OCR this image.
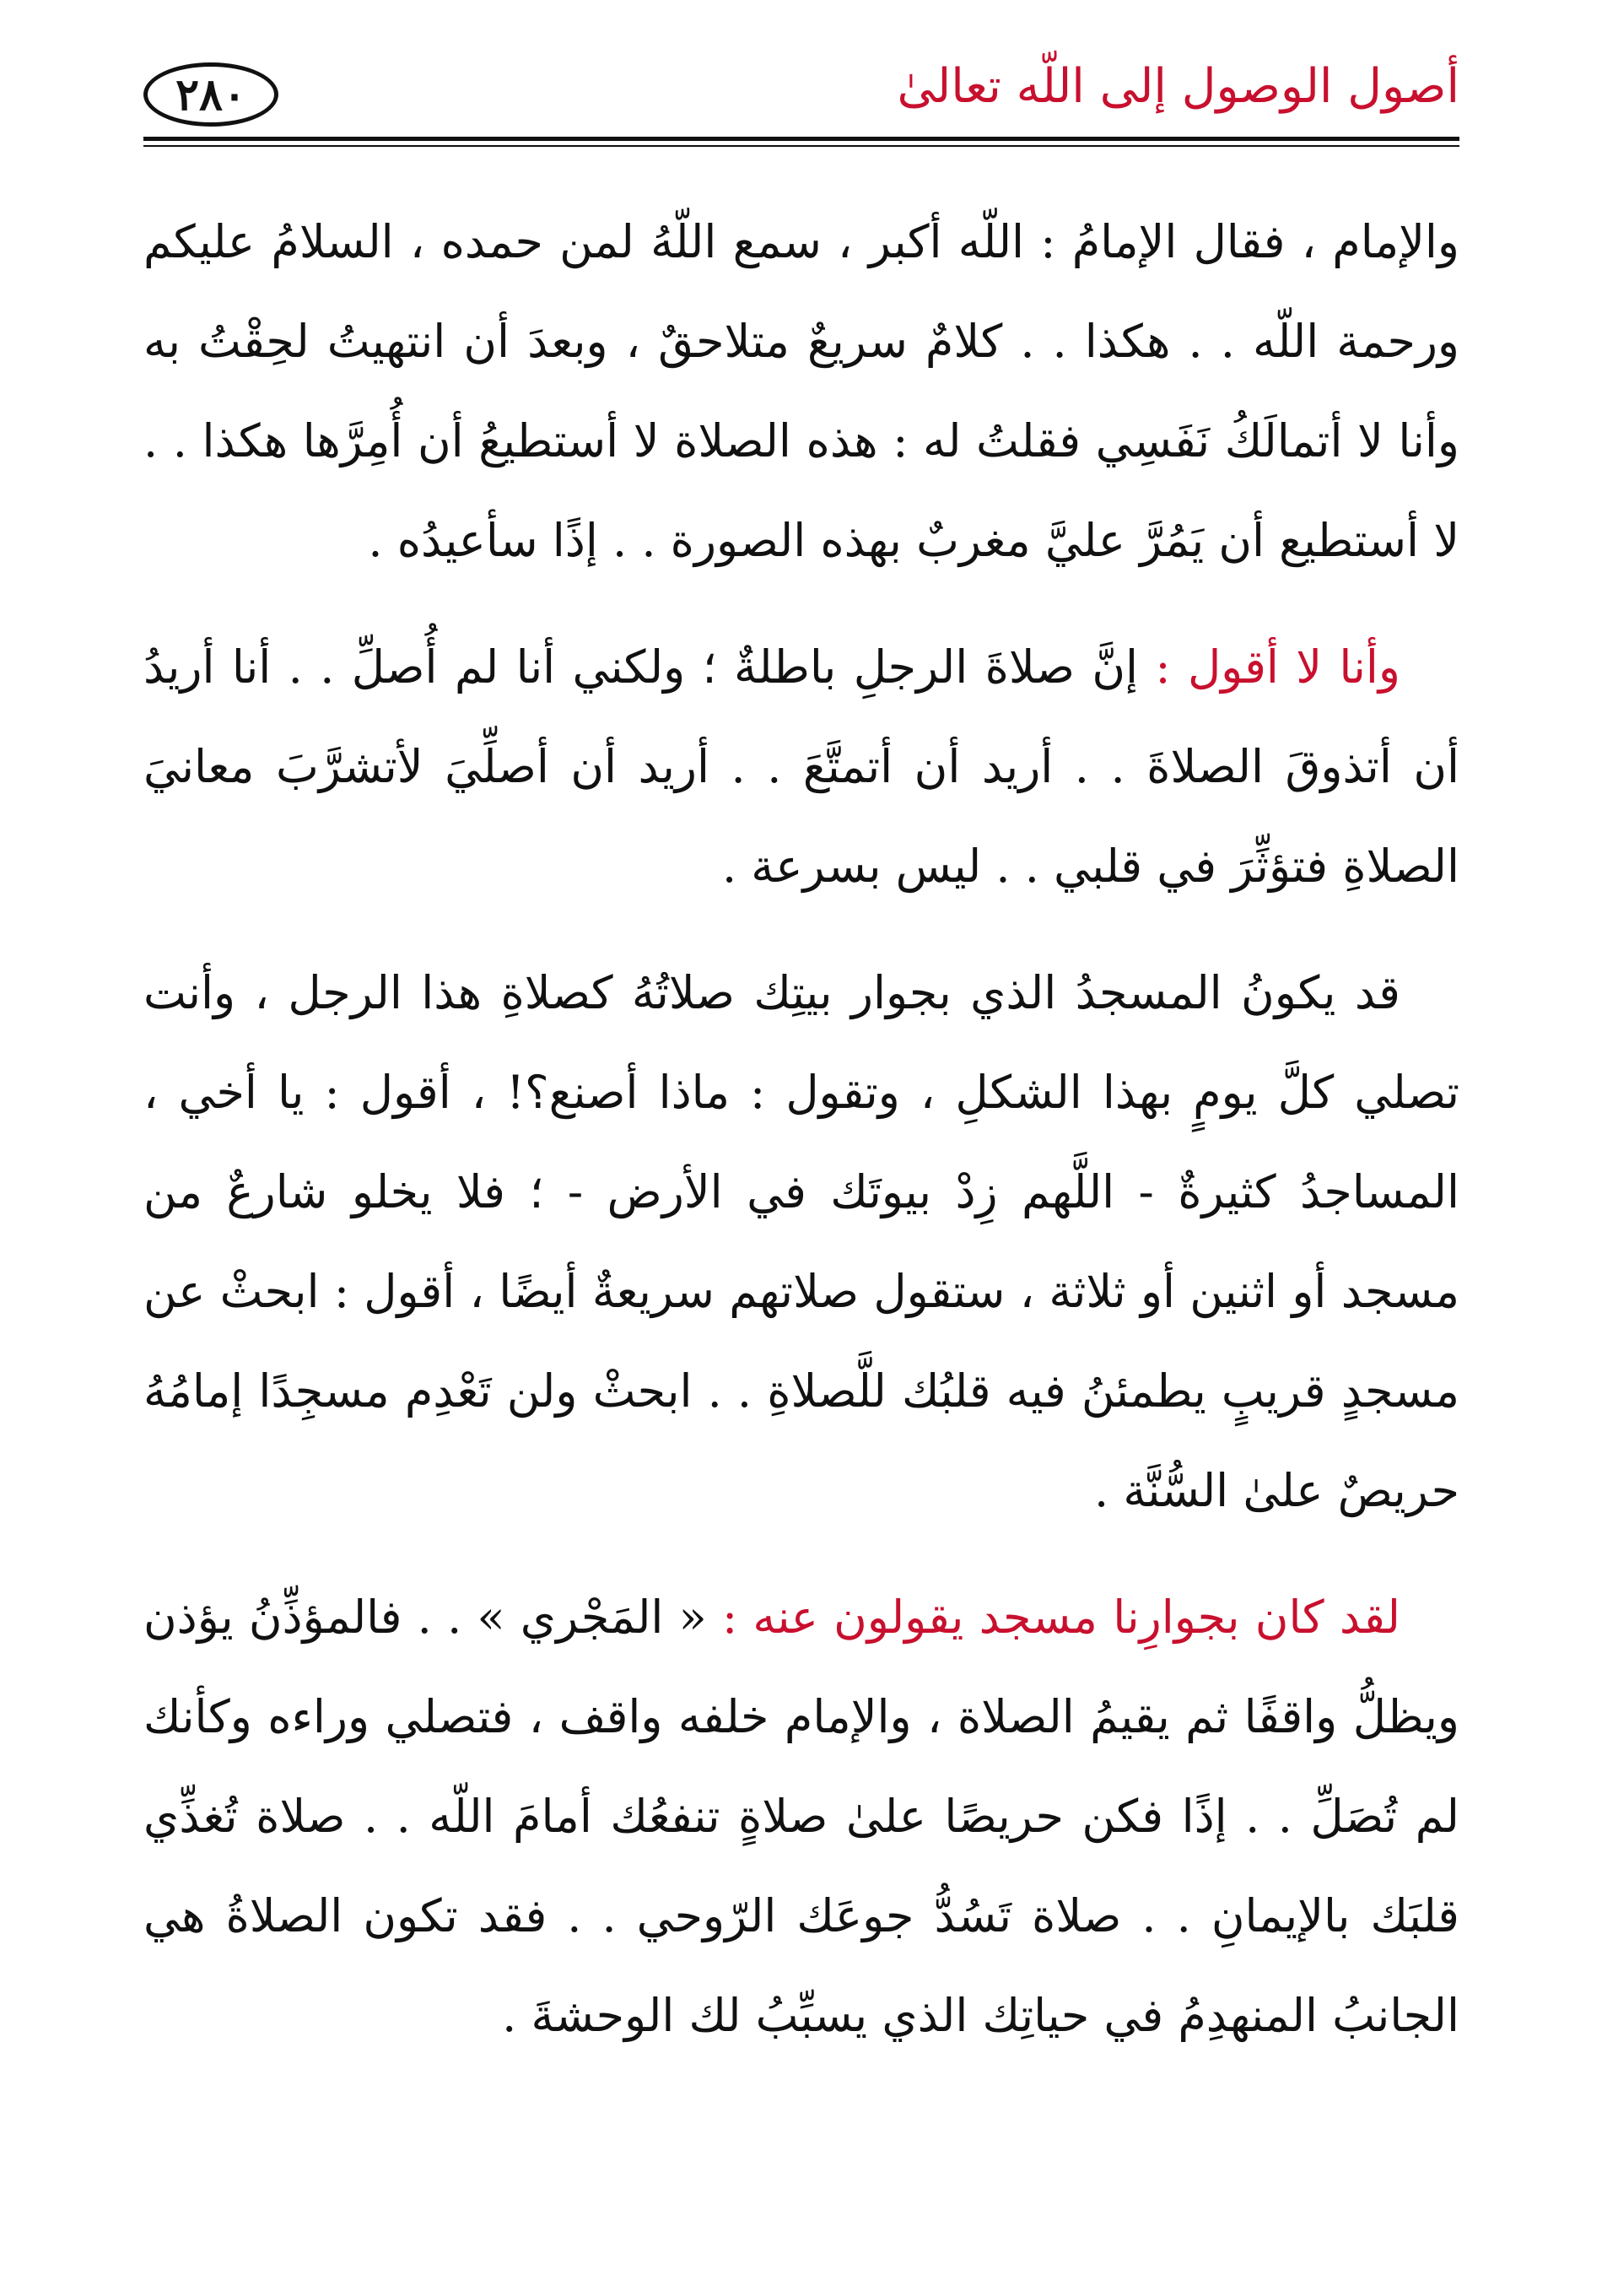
أصول الوصول إلى اللّه تعالىٰ
٢٨٠

والإمام ، فقال الإمامُ : اللّه أكبر ، سمع اللّهُ لمن حمده ، السلامُ عليكم ورحمة اللّه . . هكذا . . كلامٌ سريعٌ متلاحقٌ ، وبعدَ أن انتهيتُ لحِقْتُ به وأنا لا أتمالَكُ نَفَسِي فقلتُ له : هذه الصلاة لا أستطيعُ أن أُمِرَّها هكذا . . لا أستطيع أن يَمُرَّ عليَّ مغربٌ بهذه الصورة . . إذًا سأعيدُه .

وأنا لا أقول : إنَّ صلاةَ الرجلِ باطلةٌ ؛ ولكني أنا لم أُصلِّ . . أنا أريدُ أن أتذوقَ الصلاةَ . . أريد أن أتمتَّعَ . . أريد أن أصلِّيَ لأتشرَّبَ معانيَ الصلاةِ فتؤثِّرَ في قلبي . . ليس بسرعة .

قد يكونُ المسجدُ الذي بجوار بيتِك صلاتُهُ كصلاةِ هذا الرجل ، وأنت تصلي كلَّ يومٍ بهذا الشكلِ ، وتقول : ماذا أصنع؟! ، أقول : يا أخي ، المساجدُ كثيرةٌ - اللَّهم زِدْ بيوتَك في الأرض - ؛ فلا يخلو شارعٌ من مسجد أو اثنين أو ثلاثة ، ستقول صلاتهم سريعةٌ أيضًا ، أقول : ابحثْ عن مسجدٍ قريبٍ يطمئنُ فيه قلبُك للَّصلاةِ . . ابحثْ ولن تَعْدِم مسجِدًا إمامُهُ حريصٌ علىٰ السُّنَّة .

لقد كان بجوارِنا مسجد يقولون عنه : « المَجْري » . . فالمؤذِّنُ يؤذن ويظلُّ واقفًا ثم يقيمُ الصلاة ، والإمام خلفه واقف ، فتصلي وراءه وكأنك لم تُصَلِّ . . إذًا فكن حريصًا علىٰ صلاةٍ تنفعُك أمامَ اللّه . . صلاة تُغذِّي قلبَك بالإيمانِ . . صلاة تَسُدُّ جوعَك الرّوحي . . فقد تكون الصلاةُ هي الجانبُ المنهدِمُ في حياتِك الذي يسبِّبُ لك الوحشةَ .
